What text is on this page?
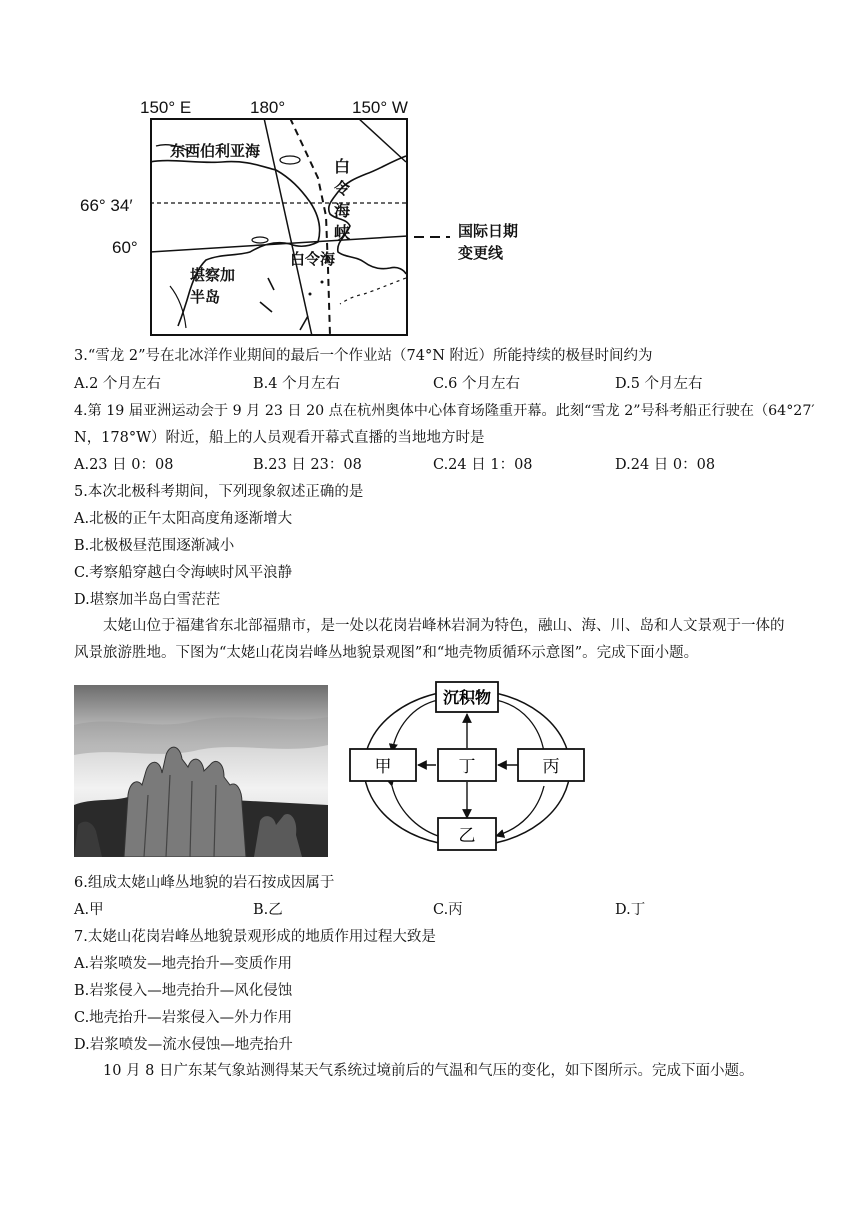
150° E	180°	150° W
66° 34′
60°
东西伯利亚海
白
令
海
峡
白令海
堪察加
半岛
国际日期
变更线
3.“雪龙 2”号在北冰洋作业期间的最后一个作业站（74°N 附近）所能持续的极昼时间约为
A.2 个月左右	B.4 个月左右	C.6 个月左右	D.5 个月左右
4.第 19 届亚洲运动会于 9 月 23 日 20 点在杭州奥体中心体育场隆重开幕。此刻“雪龙 2”号科考船正行驶在（64°27′
N，178°W）附近，船上的人员观看开幕式直播的当地地方时是
A.23 日 0：08	B.23 日 23：08	C.24 日 1：08	D.24 日 0：08
5.本次北极科考期间，下列现象叙述正确的是
A.北极的正午太阳高度角逐渐增大
B.北极极昼范围逐渐减小
C.考察船穿越白令海峡时风平浪静
D.堪察加半岛白雪茫茫
太姥山位于福建省东北部福鼎市，是一处以花岗岩峰林岩洞为特色，融山、海、川、岛和人文景观于一体的风景旅游胜地。下图为“太姥山花岗岩峰丛地貌景观图”和“地壳物质循环示意图”。完成下面小题。
沉积物
甲	丁	丙
乙
6.组成太姥山峰丛地貌的岩石按成因属于
A.甲	B.乙	C.丙	D.丁
7.太姥山花岗岩峰丛地貌景观形成的地质作用过程大致是
A.岩浆喷发—地壳抬升—变质作用
B.岩浆侵入—地壳抬升—风化侵蚀
C.地壳抬升—岩浆侵入—外力作用
D.岩浆喷发—流水侵蚀—地壳抬升
10 月 8 日广东某气象站测得某天气系统过境前后的气温和气压的变化，如下图所示。完成下面小题。
